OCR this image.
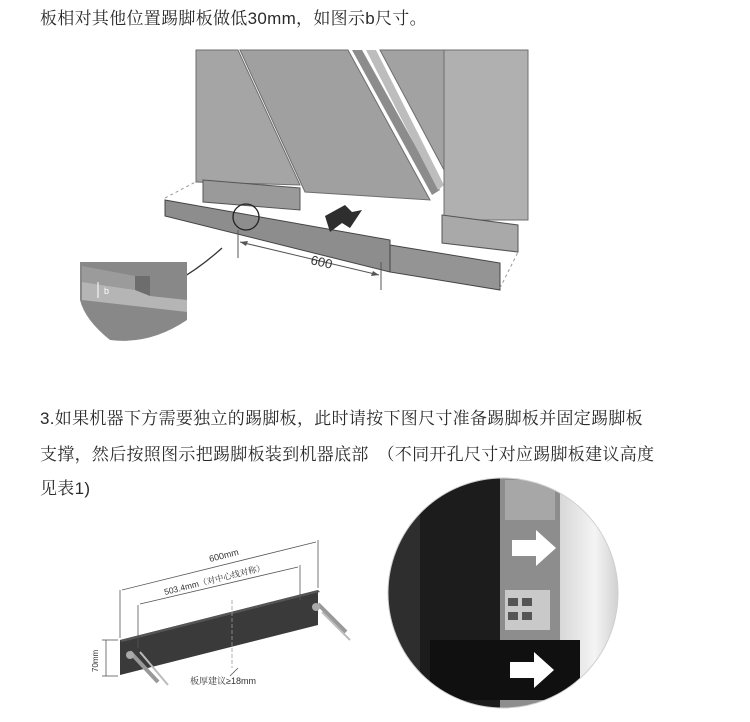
板相对其他位置踢脚板做低30mm，如图示b尺寸。
3.如果机器下方需要独立的踢脚板，此时请按下图尺寸准备踢脚板并固定踢脚板
支撑，然后按照图示把踢脚板装到机器底部　（不同开孔尺寸对应踢脚板建议高度
见表1)
600
b
600mm
503.4mm（对中心线对称）
70mm
板厚建议≥18mm
